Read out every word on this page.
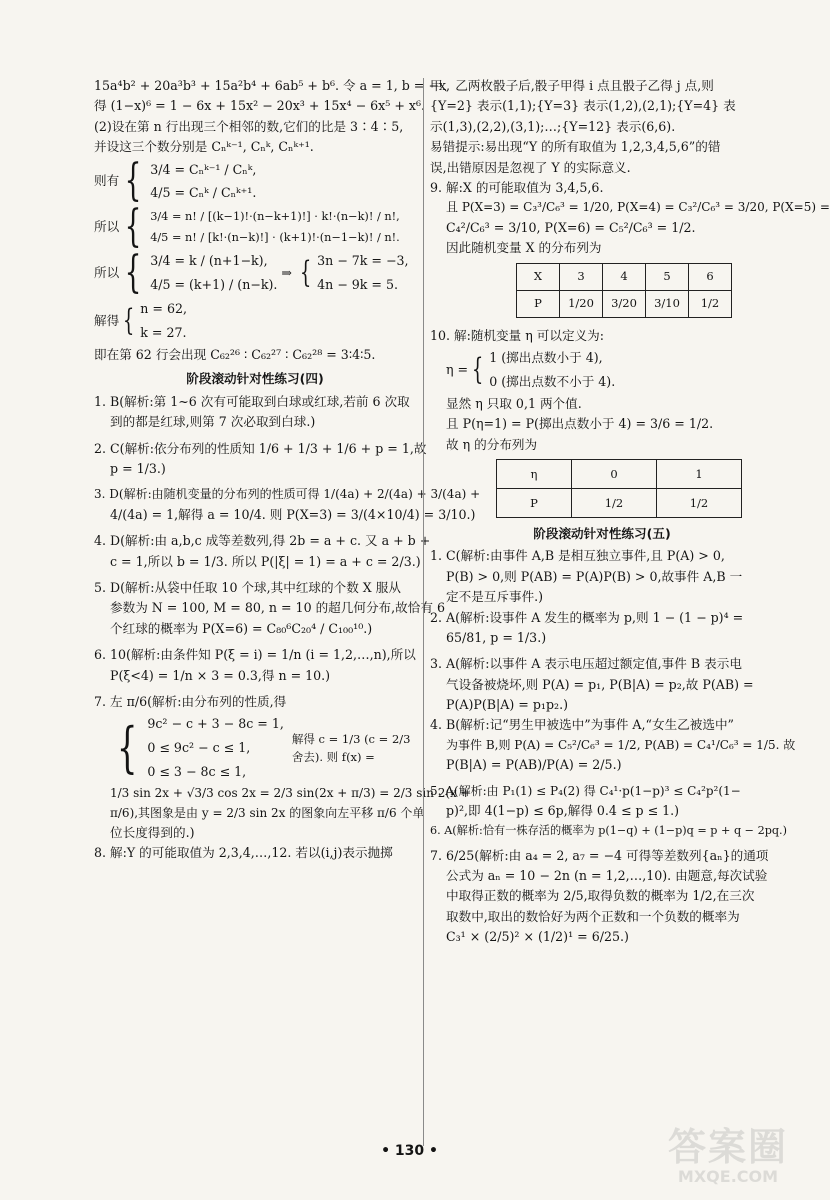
15a⁴b² + 20a³b³ + 15a²b⁴ + 6ab⁵ + b⁶. 令 a = 1, b = −x,

得 (1−x)⁶ = 1 − 6x + 15x² − 20x³ + 15x⁴ − 6x⁵ + x⁶.

(2)设在第 n 行出现三个相邻的数,它们的比是 3∶4∶5,

并设这三个数分别是 Cₙᵏ⁻¹, Cₙᵏ, Cₙᵏ⁺¹.

则有 { 3/4 = Cₙᵏ⁻¹ / Cₙᵏ,
4/5 = Cₙᵏ / Cₙᵏ⁺¹.
所以 { 3/4 = n! / [(k−1)!·(n−k+1)!] · k!·(n−k)! / n!,
4/5 = n! / [k!·(n−k)!] · (k+1)!·(n−1−k)! / n!.
所以 { 3/4 = k / (n+1−k),
4/5 = (k+1) / (n−k).
⇒ { 3n − 7k = −3,
4n − 9k = 5.
解得 { n = 62,
k = 27.

即在第 62 行会出现 C₆₂²⁶ ∶ C₆₂²⁷ ∶ C₆₂²⁸ = 3∶4∶5.

阶段滚动针对性练习(四)

1. B(解析:第 1~6 次有可能取到白球或红球,若前 6 次取

到的都是红球,则第 7 次必取到白球.)

2. C(解析:依分布列的性质知 1/6 + 1/3 + 1/6 + p = 1,故

p = 1/3.)

3. D(解析:由随机变量的分布列的性质可得 1/(4a) + 2/(4a) + 3/(4a) +

4/(4a) = 1,解得 a = 10/4. 则 P(X=3) = 3/(4×10/4) = 3/10.)

4. D(解析:由 a,b,c 成等差数列,得 2b = a + c. 又 a + b +

c = 1,所以 b = 1/3. 所以 P(|ξ| = 1) = a + c = 2/3.)

5. D(解析:从袋中任取 10 个球,其中红球的个数 X 服从

参数为 N = 100, M = 80, n = 10 的超几何分布,故恰有 6

个红球的概率为 P(X=6) = C₈₀⁶C₂₀⁴ / C₁₀₀¹⁰.)

6. 10(解析:由条件知 P(ξ = i) = 1/n (i = 1,2,…,n),所以

P(ξ<4) = 1/n × 3 = 0.3,得 n = 10.)

7. 左 π/6(解析:由分布列的性质,得

{ 9c² − c + 3 − 8c = 1,
0 ≤ 9c² − c ≤ 1,
0 ≤ 3 − 8c ≤ 1,
解得 c = 1/3 (c = 2/3 舍去). 则 f(x) =

1/3 sin 2x + √3/3 cos 2x = 2/3 sin(2x + π/3) = 2/3 sin 2(x +

π/6),其图象是由 y = 2/3 sin 2x 的图象向左平移 π/6 个单

位长度得到的.)

8. 解:Y 的可能取值为 2,3,4,…,12. 若以(i,j)表示抛掷

甲、乙两枚骰子后,骰子甲得 i 点且骰子乙得 j 点,则

{Y=2} 表示(1,1);{Y=3} 表示(1,2),(2,1);{Y=4} 表

示(1,3),(2,2),(3,1);…;{Y=12} 表示(6,6).

易错提示:易出现“Y 的所有取值为 1,2,3,4,5,6”的错

误,出错原因是忽视了 Y 的实际意义.

9. 解:X 的可能取值为 3,4,5,6.

且 P(X=3) = C₃³/C₆³ = 1/20, P(X=4) = C₃²/C₆³ = 3/20, P(X=5) =

C₄²/C₆³ = 3/10, P(X=6) = C₅²/C₆³ = 1/2.

因此随机变量 X 的分布列为

X	3	4	5	6
P	1/20	3/20	3/10	1/2

10. 解:随机变量 η 可以定义为:

η = { 1 (掷出点数小于 4),
0 (掷出点数不小于 4).

显然 η 只取 0,1 两个值.

且 P(η=1) = P(掷出点数小于 4) = 3/6 = 1/2.

故 η 的分布列为

η	0	1
P	1/2	1/2
阶段滚动针对性练习(五)

1. C(解析:由事件 A,B 是相互独立事件,且 P(A) > 0,

P(B) > 0,则 P(AB) = P(A)P(B) > 0,故事件 A,B 一

定不是互斥事件.)

2. A(解析:设事件 A 发生的概率为 p,则 1 − (1 − p)⁴ =

65/81, p = 1/3.)

3. A(解析:以事件 A 表示电压超过额定值,事件 B 表示电

气设备被烧坏,则 P(A) = p₁, P(B|A) = p₂,故 P(AB) =

P(A)P(B|A) = p₁p₂.)

4. B(解析:记“男生甲被选中”为事件 A,“女生乙被选中”

为事件 B,则 P(A) = C₅²/C₆³ = 1/2, P(AB) = C₄¹/C₆³ = 1/5. 故

P(B|A) = P(AB)/P(A) = 2/5.)

5. A(解析:由 P₁(1) ≤ P₄(2) 得 C₄¹·p(1−p)³ ≤ C₄²p²(1−

p)²,即 4(1−p) ≤ 6p,解得 0.4 ≤ p ≤ 1.)

6. A(解析:恰有一株存活的概率为 p(1−q) + (1−p)q = p + q − 2pq.)

7. 6/25(解析:由 a₄ = 2, a₇ = −4 可得等差数列{aₙ}的通项

公式为 aₙ = 10 − 2n (n = 1,2,…,10). 由题意,每次试验

中取得正数的概率为 2/5,取得负数的概率为 1/2,在三次

取数中,取出的数恰好为两个正数和一个负数的概率为

C₃¹ × (2/5)² × (1/2)¹ = 6/25.)

• 130 •	答案圈
MXQE.COM
